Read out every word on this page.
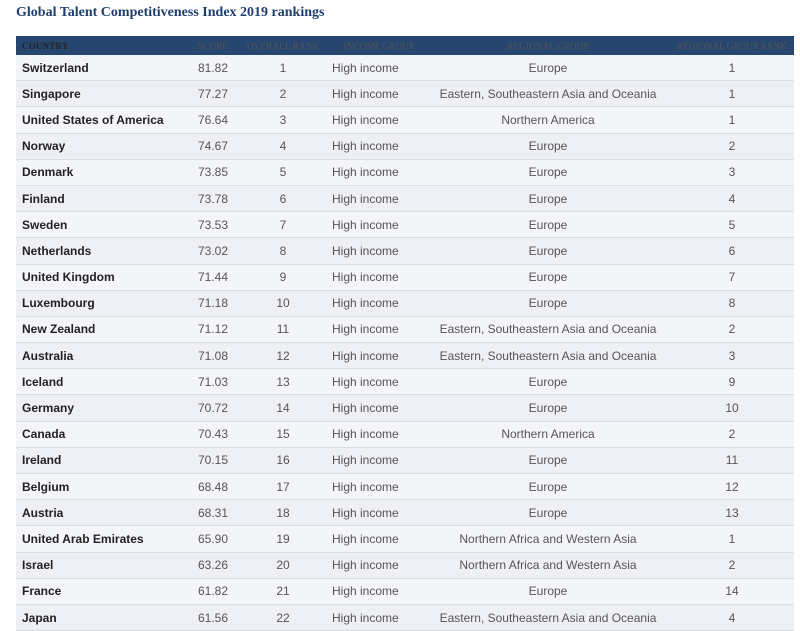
Global Talent Competitiveness Index 2019 rankings
COUNTRY	SCORE	OVERALL RANK	INCOME GROUP	REGIONAL GROUP	REGIONAL GROUP RANK
Switzerland	81.82	1	High income	Europe	1
Singapore	77.27	2	High income	Eastern, Southeastern Asia and Oceania	1
United States of America	76.64	3	High income	Northern America	1
Norway	74.67	4	High income	Europe	2
Denmark	73.85	5	High income	Europe	3
Finland	73.78	6	High income	Europe	4
Sweden	73.53	7	High income	Europe	5
Netherlands	73.02	8	High income	Europe	6
United Kingdom	71.44	9	High income	Europe	7
Luxembourg	71.18	10	High income	Europe	8
New Zealand	71.12	11	High income	Eastern, Southeastern Asia and Oceania	2
Australia	71.08	12	High income	Eastern, Southeastern Asia and Oceania	3
Iceland	71.03	13	High income	Europe	9
Germany	70.72	14	High income	Europe	10
Canada	70.43	15	High income	Northern America	2
Ireland	70.15	16	High income	Europe	11
Belgium	68.48	17	High income	Europe	12
Austria	68.31	18	High income	Europe	13
United Arab Emirates	65.90	19	High income	Northern Africa and Western Asia	1
Israel	63.26	20	High income	Northern Africa and Western Asia	2
France	61.82	21	High income	Europe	14
Japan	61.56	22	High income	Eastern, Southeastern Asia and Oceania	4
